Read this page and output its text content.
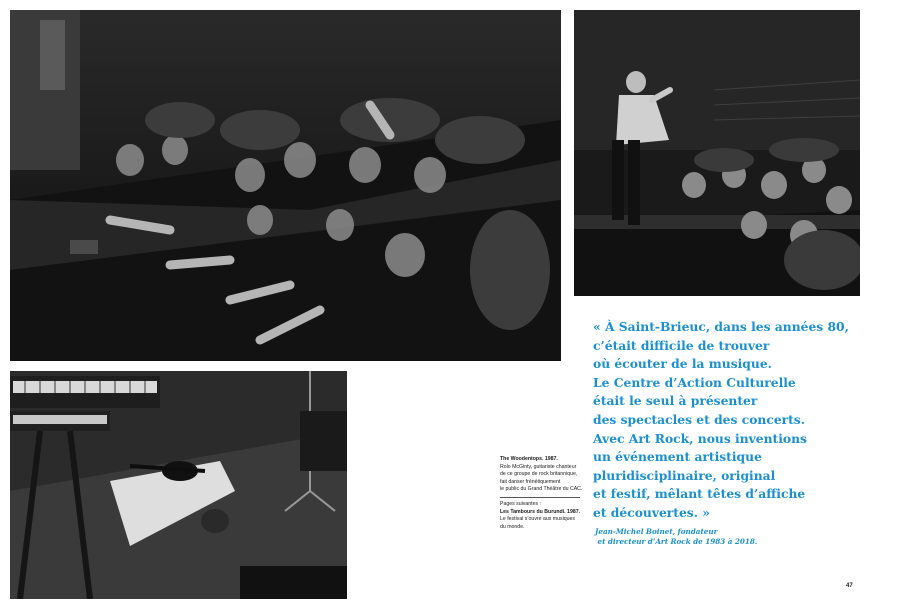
The Woodentops. 1987.
Rolo McGinty, guitariste chanteur
de ce groupe de rock britannique,
fait danser frénétiquement
le public du Grand Théâtre du CAC.
Pages suivantes :
Les Tambours du Burundi. 1987.
Le festival s’ouvre aux musiques
du monde.
« À Saint-Brieuc, dans les années 80,
c’était difficile de trouver
où écouter de la musique.
Le Centre d’Action Culturelle
était le seul à présenter
des spectacles et des concerts.
Avec Art Rock, nous inventions
un événement artistique
pluridisciplinaire, original
et festif, mêlant têtes d’affiche
et découvertes. »
Jean-Michel Boinet, fondateur
et directeur d’Art Rock de 1983 à 2018.
47
